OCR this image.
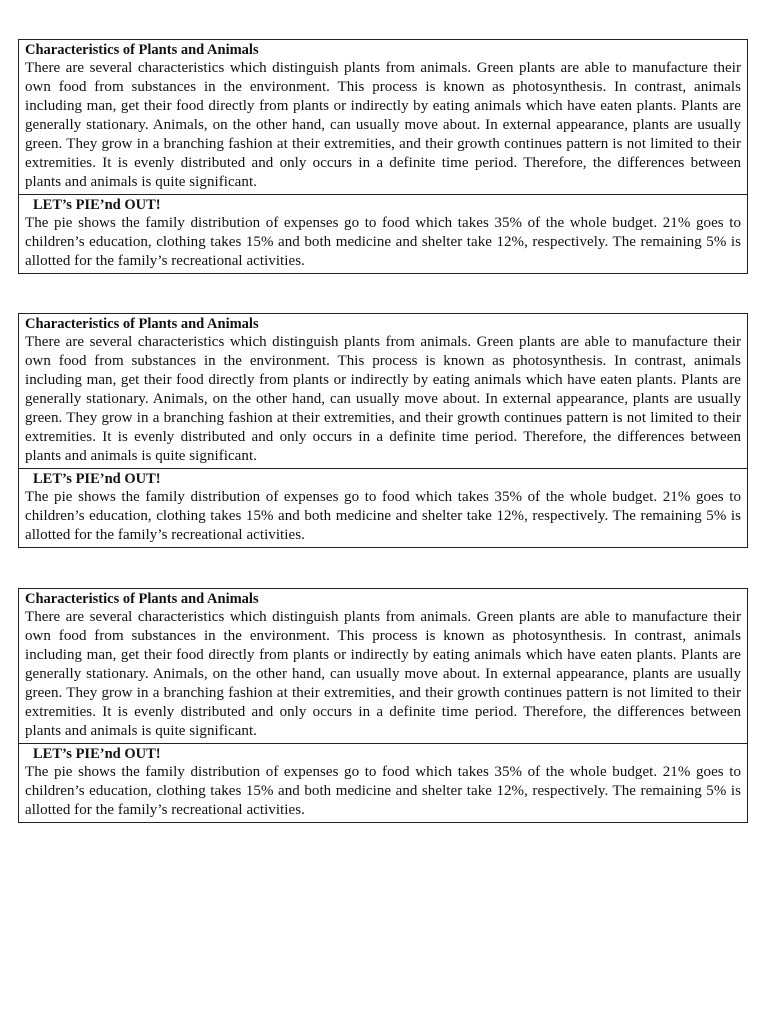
Characteristics of Plants and Animals

There are several characteristics which distinguish plants from animals. Green plants are able to manufacture their own food from substances in the environment. This process is known as photosynthesis. In contrast, animals including man, get their food directly from plants or indirectly by eating animals which have eaten plants. Plants are generally stationary. Animals, on the other hand, can usually move about. In external appearance, plants are usually green. They grow in a branching fashion at their extremities, and their growth continues pattern is not limited to their extremities. It is evenly distributed and only occurs in a definite time period. Therefore, the differences between plants and animals is quite significant.

LET’s PIE’nd OUT!

The pie shows the family distribution of expenses go to food which takes 35% of the whole budget. 21% goes to children’s education, clothing takes 15% and both medicine and shelter take 12%, respectively. The remaining 5% is allotted for the family’s recreational activities.

Characteristics of Plants and Animals

There are several characteristics which distinguish plants from animals. Green plants are able to manufacture their own food from substances in the environment. This process is known as photosynthesis. In contrast, animals including man, get their food directly from plants or indirectly by eating animals which have eaten plants. Plants are generally stationary. Animals, on the other hand, can usually move about. In external appearance, plants are usually green. They grow in a branching fashion at their extremities, and their growth continues pattern is not limited to their extremities. It is evenly distributed and only occurs in a definite time period. Therefore, the differences between plants and animals is quite significant.

LET’s PIE’nd OUT!

The pie shows the family distribution of expenses go to food which takes 35% of the whole budget. 21% goes to children’s education, clothing takes 15% and both medicine and shelter take 12%, respectively. The remaining 5% is allotted for the family’s recreational activities.

Characteristics of Plants and Animals

There are several characteristics which distinguish plants from animals. Green plants are able to manufacture their own food from substances in the environment. This process is known as photosynthesis. In contrast, animals including man, get their food directly from plants or indirectly by eating animals which have eaten plants. Plants are generally stationary. Animals, on the other hand, can usually move about. In external appearance, plants are usually green. They grow in a branching fashion at their extremities, and their growth continues pattern is not limited to their extremities. It is evenly distributed and only occurs in a definite time period. Therefore, the differences between plants and animals is quite significant.

LET’s PIE’nd OUT!

The pie shows the family distribution of expenses go to food which takes 35% of the whole budget. 21% goes to children’s education, clothing takes 15% and both medicine and shelter take 12%, respectively. The remaining 5% is allotted for the family’s recreational activities.
